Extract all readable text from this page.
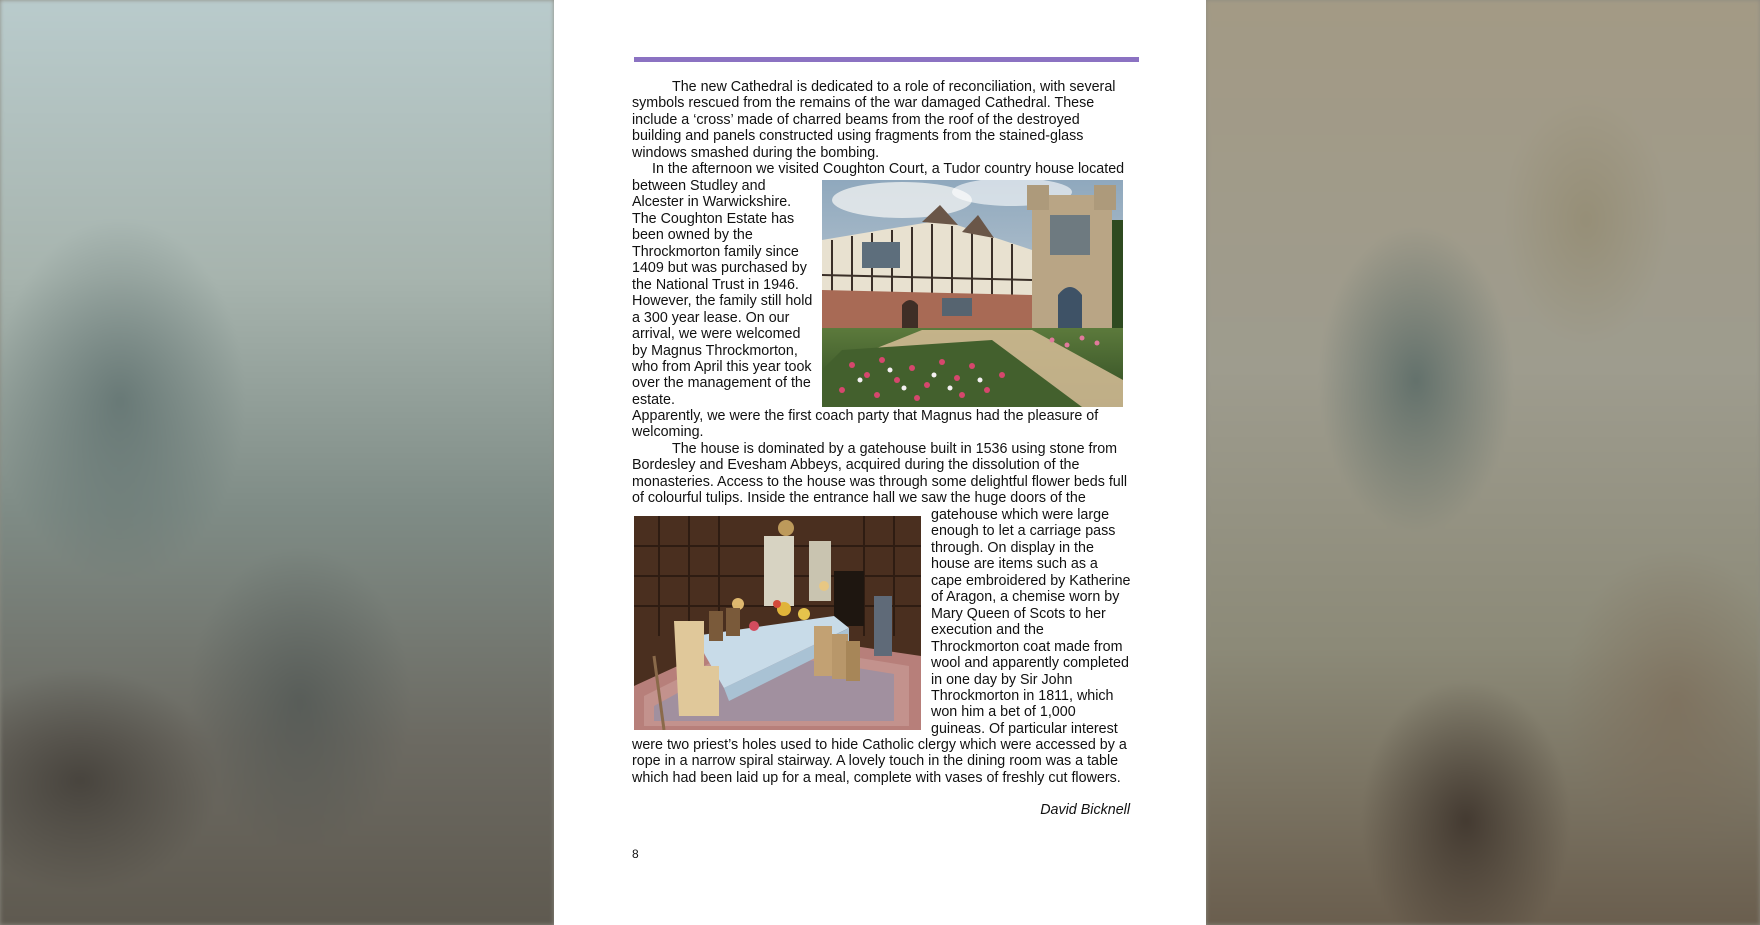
The new Cathedral is dedicated to a role of reconciliation, with several symbols rescued from the remains of the war damaged Cathedral. These include a ‘cross’ made of charred beams from the roof of the destroyed building and panels constructed using fragments from the stained-glass windows smashed during the bombing.
In the afternoon we visited Coughton Court, a Tudor country house located
between Studley and Alcester in Warwickshire. The Coughton Estate has been owned by the Throckmorton family since 1409 but was purchased by the National Trust in 1946. However, the family still hold a 300 year lease. On our arrival, we were welcomed by Magnus Throckmorton, who from April this year took over the management of the estate.
Apparently, we were the first coach party that Magnus had the pleasure of welcoming.
The house is dominated by a gatehouse built in 1536 using stone from Bordesley and Evesham Abbeys, acquired during the dissolution of the monasteries. Access to the house was through some delightful flower beds full of colourful tulips. Inside the entrance hall we saw the huge doors of the
gatehouse which were large enough to let a carriage pass through. On display in the house are items such as a cape embroidered by Katherine of Aragon, a chemise worn by Mary Queen of Scots to her execution and the Throckmorton coat made from wool and apparently completed in one day by Sir John Throckmorton in 1811, which won him a bet of 1,000 guineas. Of particular interest
were two priest’s holes used to hide Catholic clergy which were accessed by a rope in a narrow spiral stairway. A lovely touch in the dining room was a table which had been laid up for a meal, complete with vases of freshly cut flowers.
David Bicknell
8
